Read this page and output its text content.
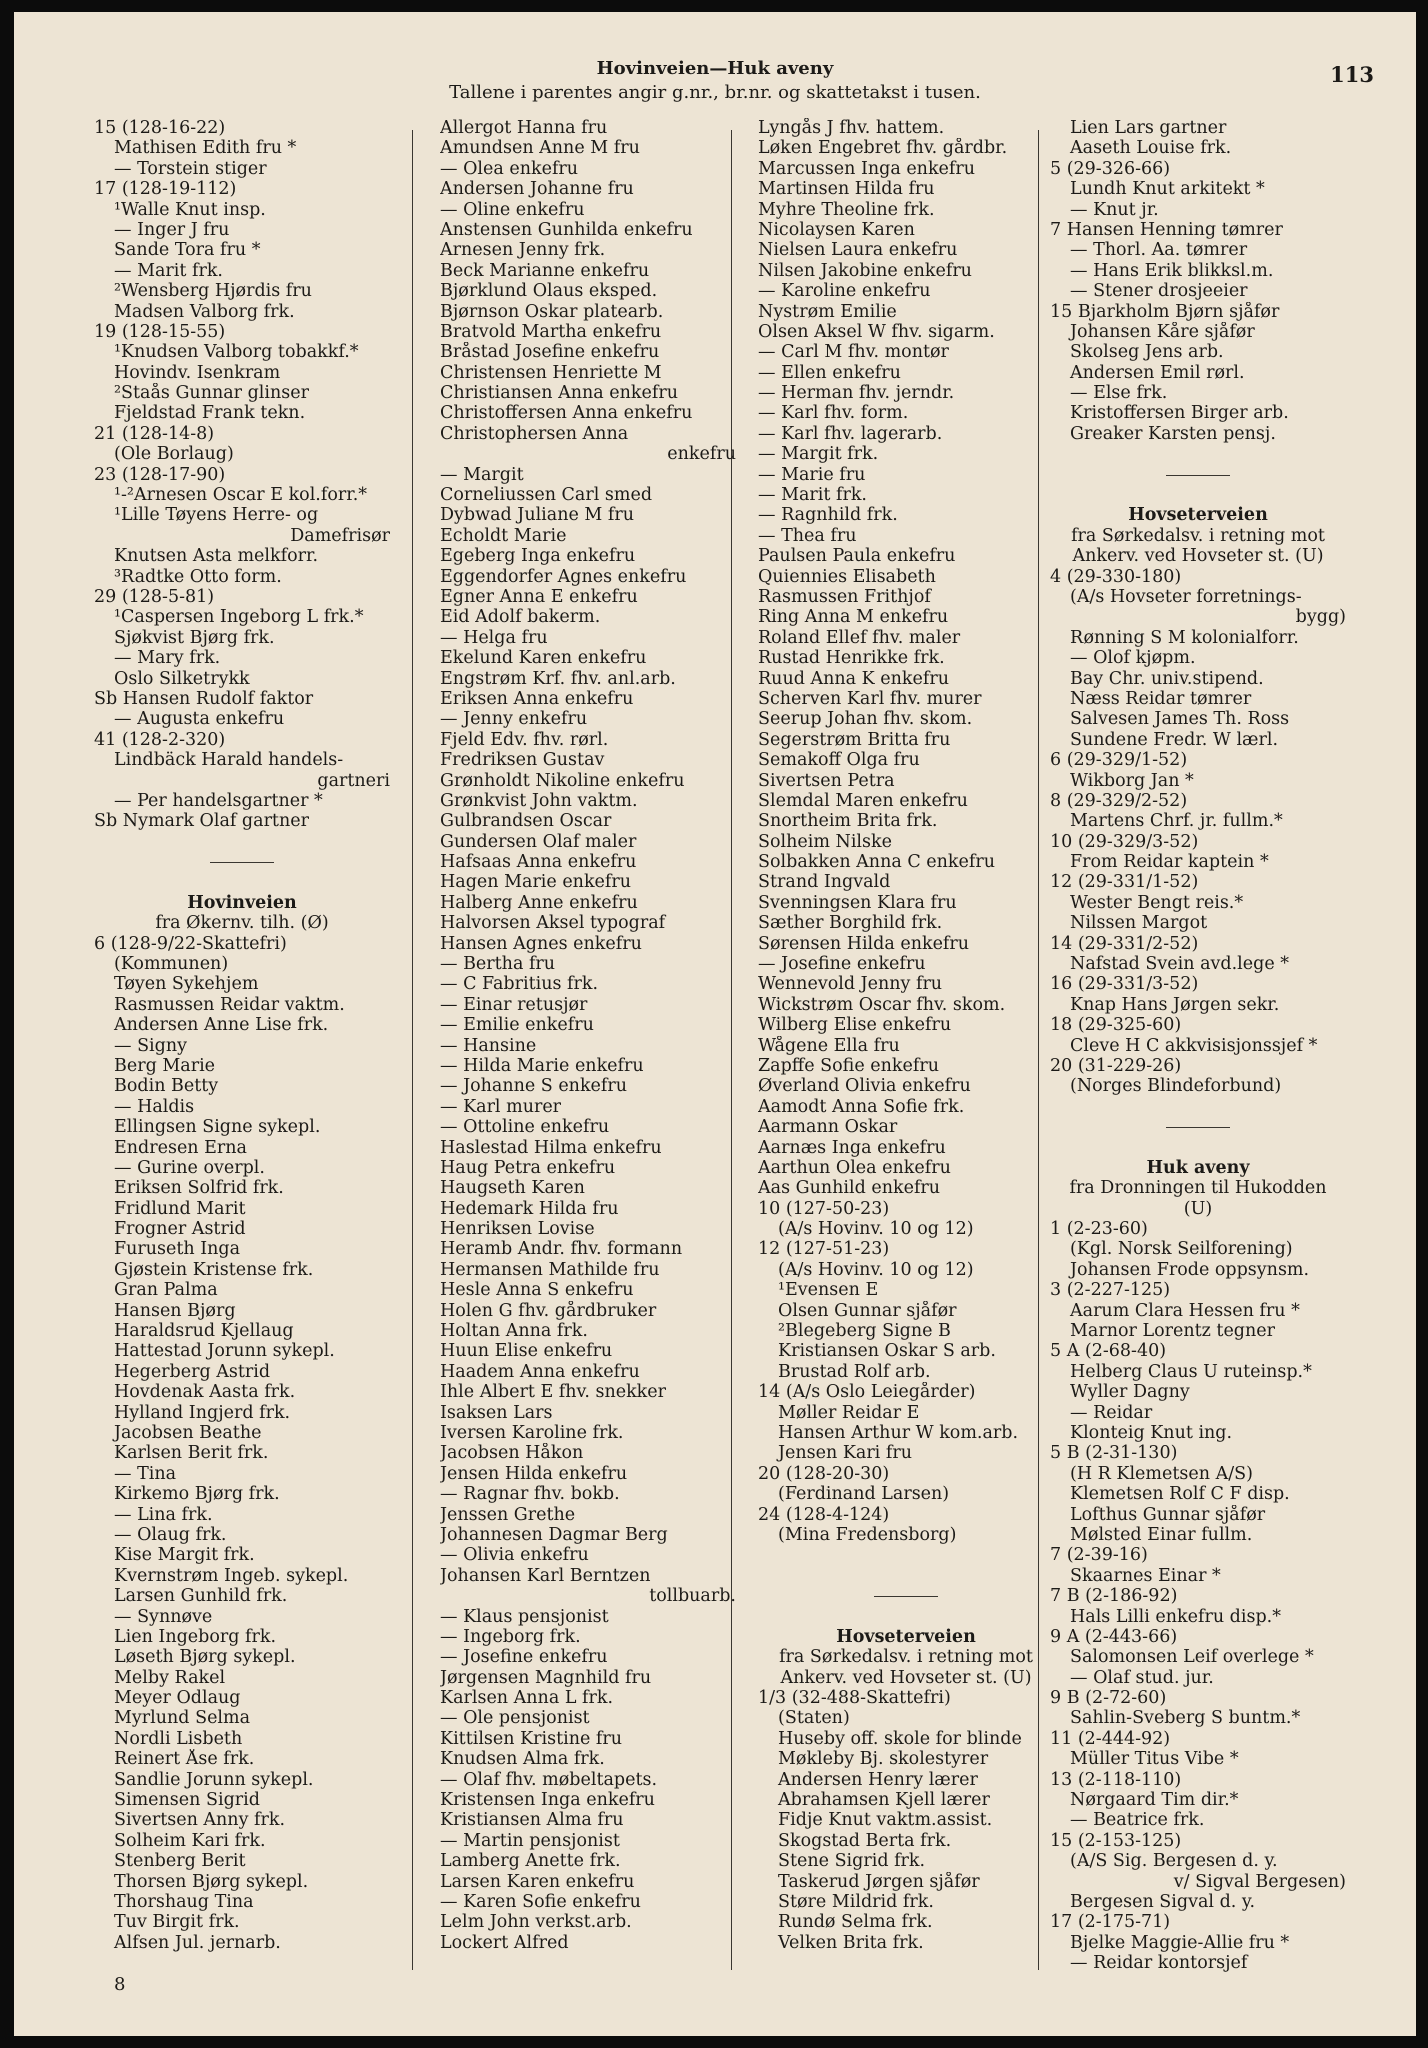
Hovinveien—Huk aveny
Tallene i parentes angir g.nr., br.nr. og skattetakst i tusen.
113
15 (128-16-22)
Mathisen Edith fru *
— Torstein stiger
17 (128-19-112)
¹Walle Knut insp.
— Inger J fru
Sande Tora fru *
— Marit frk.
²Wensberg Hjørdis fru
Madsen Valborg frk.
19 (128-15-55)
¹Knudsen Valborg tobakkf.*
Hovindv. Isenkram
²Staås Gunnar glinser
Fjeldstad Frank tekn.
21 (128-14-8)
(Ole Borlaug)
23 (128-17-90)
¹‑²Arnesen Oscar E kol.forr.*
¹Lille Tøyens Herre- og
Damefrisør
Knutsen Asta melkforr.
³Radtke Otto form.
29 (128-5-81)
¹Caspersen Ingeborg L frk.*
Sjøkvist Bjørg frk.
— Mary frk.
Oslo Silketrykk
Sb Hansen Rudolf faktor
— Augusta enkefru
41 (128-2-320)
Lindbäck Harald handels-
gartneri
— Per handelsgartner *
Sb Nymark Olaf gartner
Hovinveien
fra Økernv. tilh. (Ø)
6 (128-9/22-Skattefri)
(Kommunen)
Tøyen Sykehjem
Rasmussen Reidar vaktm.
Andersen Anne Lise frk.
— Signy
Berg Marie
Bodin Betty
— Haldis
Ellingsen Signe sykepl.
Endresen Erna
— Gurine overpl.
Eriksen Solfrid frk.
Fridlund Marit
Frogner Astrid
Furuseth Inga
Gjøstein Kristense frk.
Gran Palma
Hansen Bjørg
Haraldsrud Kjellaug
Hattestad Jorunn sykepl.
Hegerberg Astrid
Hovdenak Aasta frk.
Hylland Ingjerd frk.
Jacobsen Beathe
Karlsen Berit frk.
— Tina
Kirkemo Bjørg frk.
— Lina frk.
— Olaug frk.
Kise Margit frk.
Kvernstrøm Ingeb. sykepl.
Larsen Gunhild frk.
— Synnøve
Lien Ingeborg frk.
Løseth Bjørg sykepl.
Melby Rakel
Meyer Odlaug
Myrlund Selma
Nordli Lisbeth
Reinert Åse frk.
Sandlie Jorunn sykepl.
Simensen Sigrid
Sivertsen Anny frk.
Solheim Kari frk.
Stenberg Berit
Thorsen Bjørg sykepl.
Thorshaug Tina
Tuv Birgit frk.
Alfsen Jul. jernarb.
Allergot Hanna fru
Amundsen Anne M fru
— Olea enkefru
Andersen Johanne fru
— Oline enkefru
Anstensen Gunhilda enkefru
Arnesen Jenny frk.
Beck Marianne enkefru
Bjørklund Olaus eksped.
Bjørnson Oskar platearb.
Bratvold Martha enkefru
Bråstad Josefine enkefru
Christensen Henriette M
Christiansen Anna enkefru
Christoffersen Anna enkefru
Christophersen Anna
enkefru
— Margit
Corneliussen Carl smed
Dybwad Juliane M fru
Echoldt Marie
Egeberg Inga enkefru
Eggendorfer Agnes enkefru
Egner Anna E enkefru
Eid Adolf bakerm.
— Helga fru
Ekelund Karen enkefru
Engstrøm Krf. fhv. anl.arb.
Eriksen Anna enkefru
— Jenny enkefru
Fjeld Edv. fhv. rørl.
Fredriksen Gustav
Grønholdt Nikoline enkefru
Grønkvist John vaktm.
Gulbrandsen Oscar
Gundersen Olaf maler
Hafsaas Anna enkefru
Hagen Marie enkefru
Halberg Anne enkefru
Halvorsen Aksel typograf
Hansen Agnes enkefru
— Bertha fru
— C Fabritius frk.
— Einar retusjør
— Emilie enkefru
— Hansine
— Hilda Marie enkefru
— Johanne S enkefru
— Karl murer
— Ottoline enkefru
Haslestad Hilma enkefru
Haug Petra enkefru
Haugseth Karen
Hedemark Hilda fru
Henriksen Lovise
Heramb Andr. fhv. formann
Hermansen Mathilde fru
Hesle Anna S enkefru
Holen G fhv. gårdbruker
Holtan Anna frk.
Huun Elise enkefru
Haadem Anna enkefru
Ihle Albert E fhv. snekker
Isaksen Lars
Iversen Karoline frk.
Jacobsen Håkon
Jensen Hilda enkefru
— Ragnar fhv. bokb.
Jenssen Grethe
Johannesen Dagmar Berg
— Olivia enkefru
Johansen Karl Berntzen
tollbuarb.
— Klaus pensjonist
— Ingeborg frk.
— Josefine enkefru
Jørgensen Magnhild fru
Karlsen Anna L frk.
— Ole pensjonist
Kittilsen Kristine fru
Knudsen Alma frk.
— Olaf fhv. møbeltapets.
Kristensen Inga enkefru
Kristiansen Alma fru
— Martin pensjonist
Lamberg Anette frk.
Larsen Karen enkefru
— Karen Sofie enkefru
Lelm John verkst.arb.
Lockert Alfred
Lyngås J fhv. hattem.
Løken Engebret fhv. gårdbr.
Marcussen Inga enkefru
Martinsen Hilda fru
Myhre Theoline frk.
Nicolaysen Karen
Nielsen Laura enkefru
Nilsen Jakobine enkefru
— Karoline enkefru
Nystrøm Emilie
Olsen Aksel W fhv. sigarm.
— Carl M fhv. montør
— Ellen enkefru
— Herman fhv. jerndr.
— Karl fhv. form.
— Karl fhv. lagerarb.
— Margit frk.
— Marie fru
— Marit frk.
— Ragnhild frk.
— Thea fru
Paulsen Paula enkefru
Quiennies Elisabeth
Rasmussen Frithjof
Ring Anna M enkefru
Roland Ellef fhv. maler
Rustad Henrikke frk.
Ruud Anna K enkefru
Scherven Karl fhv. murer
Seerup Johan fhv. skom.
Segerstrøm Britta fru
Semakoff Olga fru
Sivertsen Petra
Slemdal Maren enkefru
Snortheim Brita frk.
Solheim Nilske
Solbakken Anna C enkefru
Strand Ingvald
Svenningsen Klara fru
Sæther Borghild frk.
Sørensen Hilda enkefru
— Josefine enkefru
Wennevold Jenny fru
Wickstrøm Oscar fhv. skom.
Wilberg Elise enkefru
Wågene Ella fru
Zapffe Sofie enkefru
Øverland Olivia enkefru
Aamodt Anna Sofie frk.
Aarmann Oskar
Aarnæs Inga enkefru
Aarthun Olea enkefru
Aas Gunhild enkefru
10 (127-50-23)
(A/s Hovinv. 10 og 12)
12 (127-51-23)
(A/s Hovinv. 10 og 12)
¹Evensen E
Olsen Gunnar sjåfør
²Blegeberg Signe B
Kristiansen Oskar S arb.
Brustad Rolf arb.
14 (A/s Oslo Leiegårder)
Møller Reidar E
Hansen Arthur W kom.arb.
Jensen Kari fru
20 (128-20-30)
(Ferdinand Larsen)
24 (128-4-124)
(Mina Fredensborg)
Hovseterveien
fra Sørkedalsv. i retning mot
Ankerv. ved Hovseter st. (U)
1/3 (32-488-Skattefri)
(Staten)
Huseby off. skole for blinde
Møkleby Bj. skolestyrer
Andersen Henry lærer
Abrahamsen Kjell lærer
Fidje Knut vaktm.assist.
Skogstad Berta frk.
Stene Sigrid frk.
Taskerud Jørgen sjåfør
Støre Mildrid frk.
Rundø Selma frk.
Velken Brita frk.
Lien Lars gartner
Aaseth Louise frk.
5 (29-326-66)
Lundh Knut arkitekt *
— Knut jr.
7 Hansen Henning tømrer
— Thorl. Aa. tømrer
— Hans Erik blikksl.m.
— Stener drosjeeier
15 Bjarkholm Bjørn sjåfør
Johansen Kåre sjåfør
Skolseg Jens arb.
Andersen Emil rørl.
— Else frk.
Kristoffersen Birger arb.
Greaker Karsten pensj.
Hovseterveien
fra Sørkedalsv. i retning mot
Ankerv. ved Hovseter st. (U)
4 (29-330-180)
(A/s Hovseter forretnings-
bygg)
Rønning S M kolonialforr.
— Olof kjøpm.
Bay Chr. univ.stipend.
Næss Reidar tømrer
Salvesen James Th. Ross
Sundene Fredr. W lærl.
6 (29-329/1-52)
Wikborg Jan *
8 (29-329/2-52)
Martens Chrf. jr. fullm.*
10 (29-329/3-52)
From Reidar kaptein *
12 (29-331/1-52)
Wester Bengt reis.*
Nilssen Margot
14 (29-331/2-52)
Nafstad Svein avd.lege *
16 (29-331/3-52)
Knap Hans Jørgen sekr.
18 (29-325-60)
Cleve H C akkvisisjonssjef *
20 (31-229-26)
(Norges Blindeforbund)
Huk aveny
fra Dronningen til Hukodden
(U)
1 (2-23-60)
(Kgl. Norsk Seilforening)
Johansen Frode oppsynsm.
3 (2-227-125)
Aarum Clara Hessen fru *
Marnor Lorentz tegner
5 A (2-68-40)
Helberg Claus U ruteinsp.*
Wyller Dagny
— Reidar
Klonteig Knut ing.
5 B (2-31-130)
(H R Klemetsen A/S)
Klemetsen Rolf C F disp.
Lofthus Gunnar sjåfør
Mølsted Einar fullm.
7 (2-39-16)
Skaarnes Einar *
7 B (2-186-92)
Hals Lilli enkefru disp.*
9 A (2-443-66)
Salomonsen Leif overlege *
— Olaf stud. jur.
9 B (2-72-60)
Sahlin-Sveberg S buntm.*
11 (2-444-92)
Müller Titus Vibe *
13 (2-118-110)
Nørgaard Tim dir.*
— Beatrice frk.
15 (2-153-125)
(A/S Sig. Bergesen d. y.
v/ Sigval Bergesen)
Bergesen Sigval d. y.
17 (2-175-71)
Bjelke Maggie-Allie fru *
— Reidar kontorsjef
8
